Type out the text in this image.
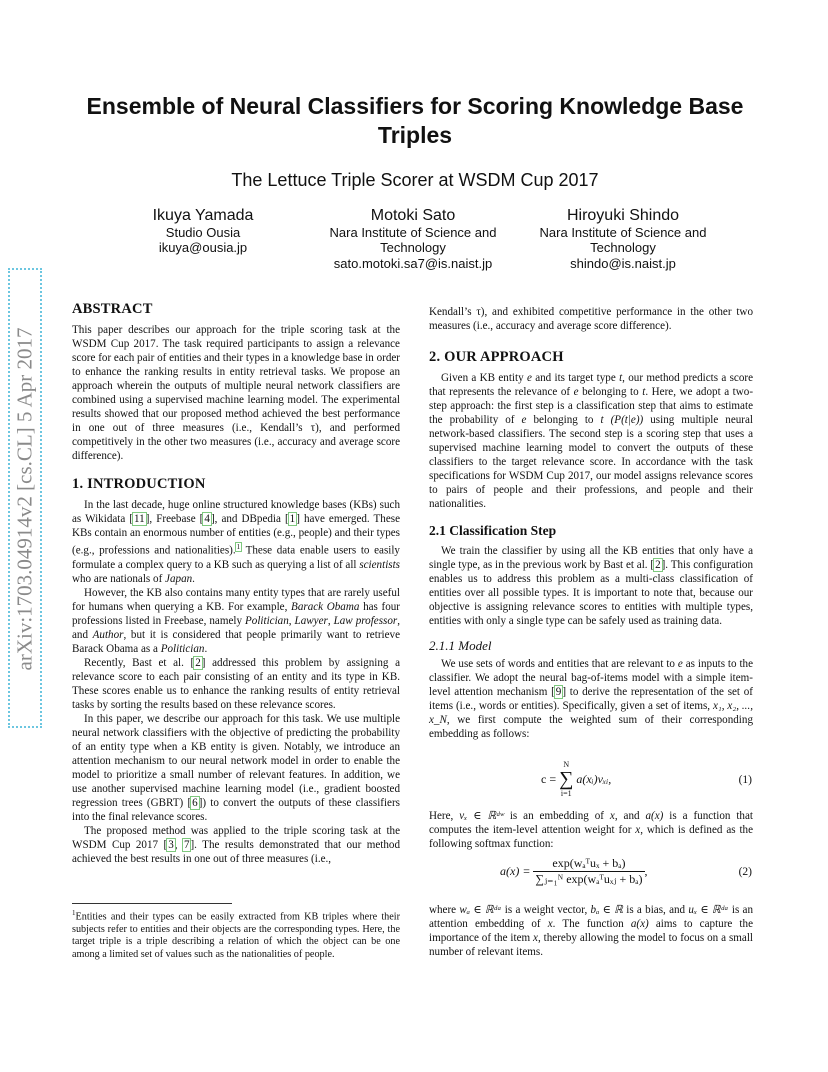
arXiv:1703.04914v2 [cs.CL] 5 Apr 2017
Ensemble of Neural Classifiers for Scoring Knowledge Base Triples
The Lettuce Triple Scorer at WSDM Cup 2017
Ikuya Yamada
Studio Ousia
ikuya@ousia.jp
Motoki Sato
Nara Institute of Science and Technology
sato.motoki.sa7@is.naist.jp
Hiroyuki Shindo
Nara Institute of Science and Technology
shindo@is.naist.jp
ABSTRACT

This paper describes our approach for the triple scoring task at the WSDM Cup 2017. The task required participants to assign a relevance score for each pair of entities and their types in a knowledge base in order to enhance the ranking results in entity retrieval tasks. We propose an approach wherein the outputs of multiple neural network classifiers are combined using a supervised machine learning model. The experimental results showed that our proposed method achieved the best performance in one out of three measures (i.e., Kendall’s τ), and performed competitively in the other two measures (i.e., accuracy and average score difference).

1. INTRODUCTION

In the last decade, huge online structured knowledge bases (KBs) such as Wikidata [11], Freebase [4], and DBpedia [1] have emerged. These KBs contain an enormous number of entities (e.g., people) and their types (e.g., professions and nationalities).$^1$ These data enable users to easily formulate a complex query to a KB such as querying a list of all scientists who are nationals of Japan.

However, the KB also contains many entity types that are rarely useful for humans when querying a KB. For example, Barack Obama has four professions listed in Freebase, namely Politician, Lawyer, Law professor, and Author, but it is considered that people primarily want to retrieve Barack Obama as a Politician.

Recently, Bast et al. [2] addressed this problem by assigning a relevance score to each pair consisting of an entity and its type in KB. These scores enable us to enhance the ranking results of entity retrieval tasks by sorting the results based on these relevance scores.

In this paper, we describe our approach for this task. We use multiple neural network classifiers with the objective of predicting the probability of an entity type when a KB entity is given. Notably, we introduce an attention mechanism to our neural network model in order to enable the model to prioritize a small number of relevant features. In addition, we use another supervised machine learning model (i.e., gradient boosted regression trees (GBRT) [6]) to convert the outputs of these classifiers into the final relevance scores.

The proposed method was applied to the triple scoring task at the WSDM Cup 2017 [3, 7]. The results demonstrated that our method achieved the best results in one out of three measures (i.e.,

$^1$Entities and their types can be easily extracted from KB triples where their subjects refer to entities and their objects are the corresponding types. Here, the target triple is a triple describing a relation of which the object can be one among a limited set of values such as the nationalities of people.

Kendall’s τ), and exhibited competitive performance in the other two measures (i.e., accuracy and average score difference).

2. OUR APPROACH

Given a KB entity e and its target type t, our method predicts a score that represents the relevance of e belonging to t. Here, we adopt a two-step approach: the first step is a classification step that aims to estimate the probability of e belonging to t (P(t|e)) using multiple neural network-based classifiers. The second step is a scoring step that uses a supervised machine learning model to convert the outputs of these classifiers to the target relevance score. In accordance with the task specifications for WSDM Cup 2017, our model assigns relevance scores to pairs of people and their professions, and people and their nationalities.

2.1 Classification Step

We train the classifier by using all the KB entities that only have a single type, as in the previous work by Bast et al. [2]. This configuration enables us to address this problem as a multi-class classification of entities over all possible types. It is important to note that, because our objective is assigning relevance scores to entities with multiple types, entities with only a single type can be safely used as training data.

2.1.1 Model

We use sets of words and entities that are relevant to e as inputs to the classifier. We adopt the neural bag-of-items model with a simple item-level attention mechanism [9] to derive the representation of the set of items (i.e., words or entities). Specifically, given a set of items, x₁, x₂, ..., x_N, we first compute the weighted sum of their corresponding embedding as follows:

c =
N
∑
i=1
a(xᵢ)vₓᵢ,	(1)

Here, vₓ ∈ ℝᵈʷ is an embedding of x, and a(x) is a function that computes the item-level attention weight for x, which is defined as the following softmax function:

$a(x) = \frac{\text{exp(wₐᵀuₓ + bₐ)}}{\text{∑ⱼ₌₁ᴺ exp(wₐᵀuₓⱼ + bₐ)}}$ ,	(2)

where wₐ ∈ ℝᵈᵃ is a weight vector, bₐ ∈ ℝ is a bias, and uₓ ∈ ℝᵈᵃ is an attention embedding of x. The function a(x) aims to capture the importance of the item x, thereby allowing the model to focus on a small number of relevant items.
